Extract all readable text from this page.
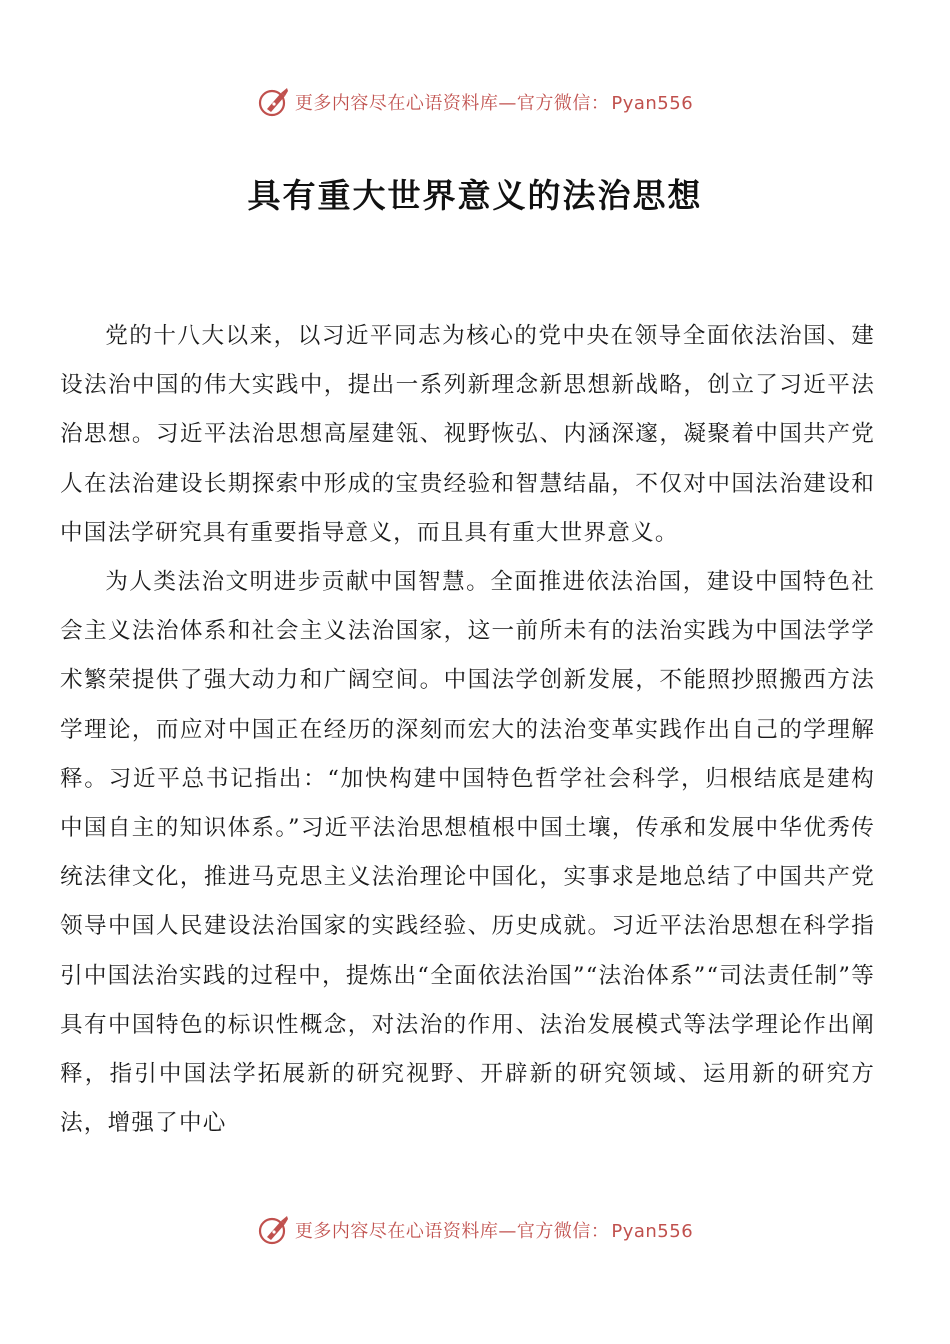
更多内容尽在心语资料库—官方微信： Pyan556
具有重大世界意义的法治思想

党的十八大以来，以习近平同志为核心的党中央在领导全面依法治国、建设法治中国的伟大实践中，提出一系列新理念新思想新战略，创立了习近平法治思想。习近平法治思想高屋建瓴、视野恢弘、内涵深邃，凝聚着中国共产党人在法治建设长期探索中形成的宝贵经验和智慧结晶，不仅对中国法治建设和中国法学研究具有重要指导意义，而且具有重大世界意义。

为人类法治文明进步贡献中国智慧。全面推进依法治国，建设中国特色社会主义法治体系和社会主义法治国家，这一前所未有的法治实践为中国法学学术繁荣提供了强大动力和广阔空间。中国法学创新发展，不能照抄照搬西方法学理论，而应对中国正在经历的深刻而宏大的法治变革实践作出自己的学理解释。习近平总书记指出：“加快构建中国特色哲学社会科学，归根结底是建构中国自主的知识体系。”习近平法治思想植根中国土壤，传承和发展中华优秀传统法律文化，推进马克思主义法治理论中国化，实事求是地总结了中国共产党领导中国人民建设法治国家的实践经验、历史成就。习近平法治思想在科学指引中国法治实践的过程中，提炼出“全面依法治国”“法治体系”“司法责任制”等具有中国特色的标识性概念，对法治的作用、法治发展模式等法学理论作出阐释，指引中国法学拓展新的研究视野、开辟新的研究领域、运用新的研究方法，增强了中心

更多内容尽在心语资料库—官方微信： Pyan556
